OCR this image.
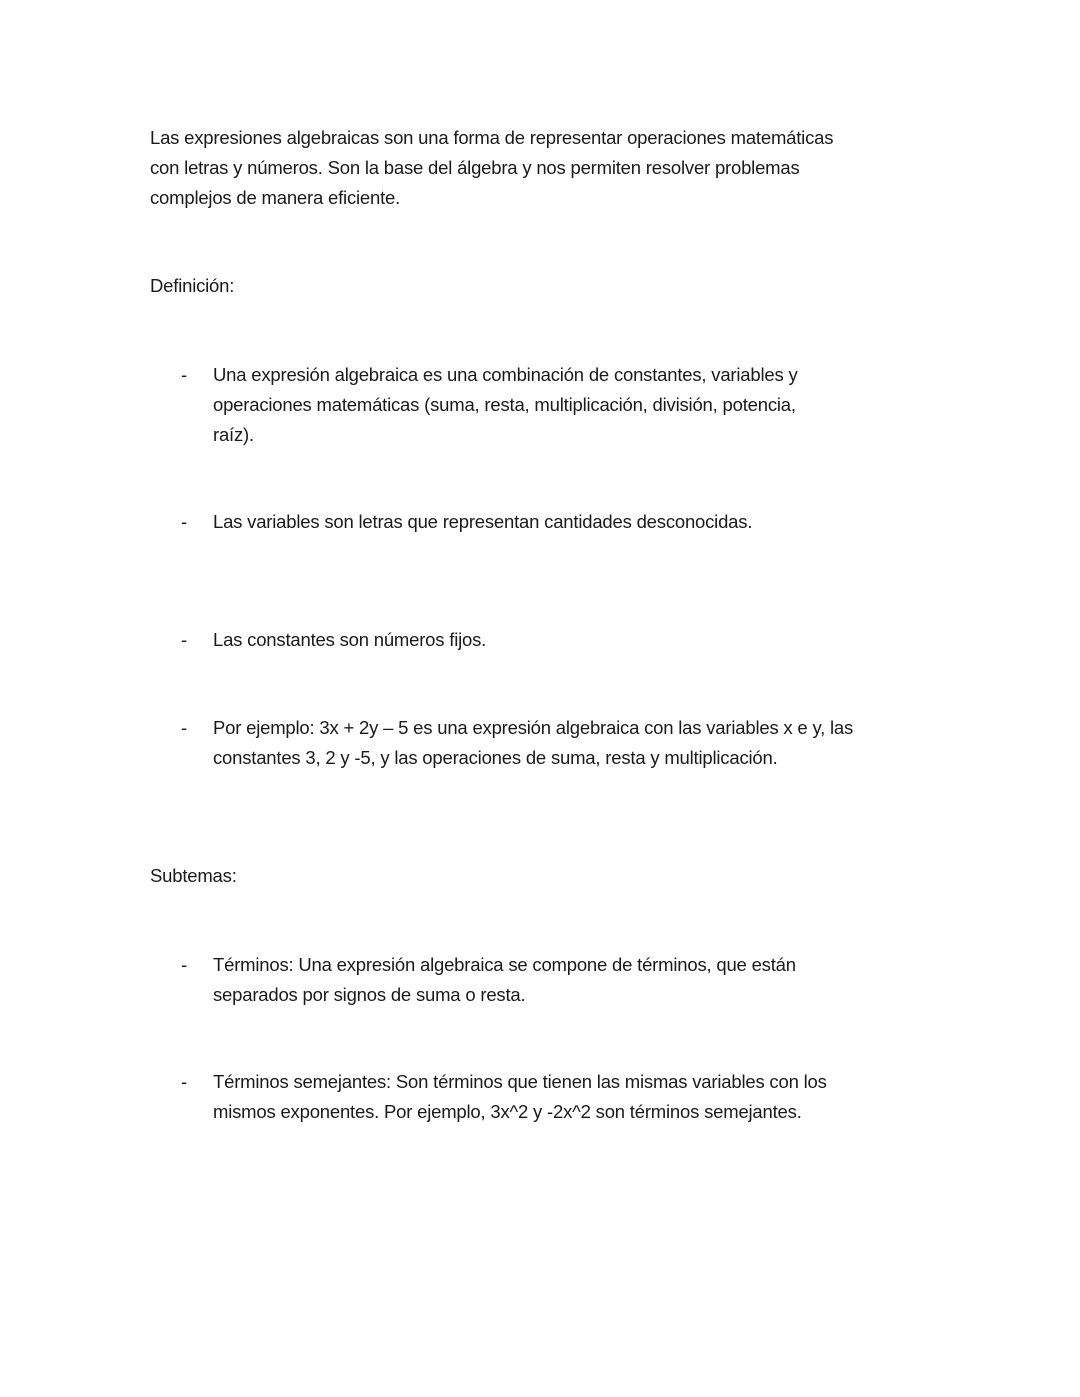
Las expresiones algebraicas son una forma de representar operaciones matemáticas
con letras y números. Son la base del álgebra y nos permiten resolver problemas
complejos de manera eficiente.
Definición:
- Una expresión algebraica es una combinación de constantes, variables y
operaciones matemáticas (suma, resta, multiplicación, división, potencia,
raíz).
- Las variables son letras que representan cantidades desconocidas.
- Las constantes son números fijos.
- Por ejemplo: 3x + 2y – 5 es una expresión algebraica con las variables x e y, las
constantes 3, 2 y -5, y las operaciones de suma, resta y multiplicación.
Subtemas:
- Términos: Una expresión algebraica se compone de términos, que están
separados por signos de suma o resta.
- Términos semejantes: Son términos que tienen las mismas variables con los
mismos exponentes. Por ejemplo, 3x^2 y -2x^2 son términos semejantes.
